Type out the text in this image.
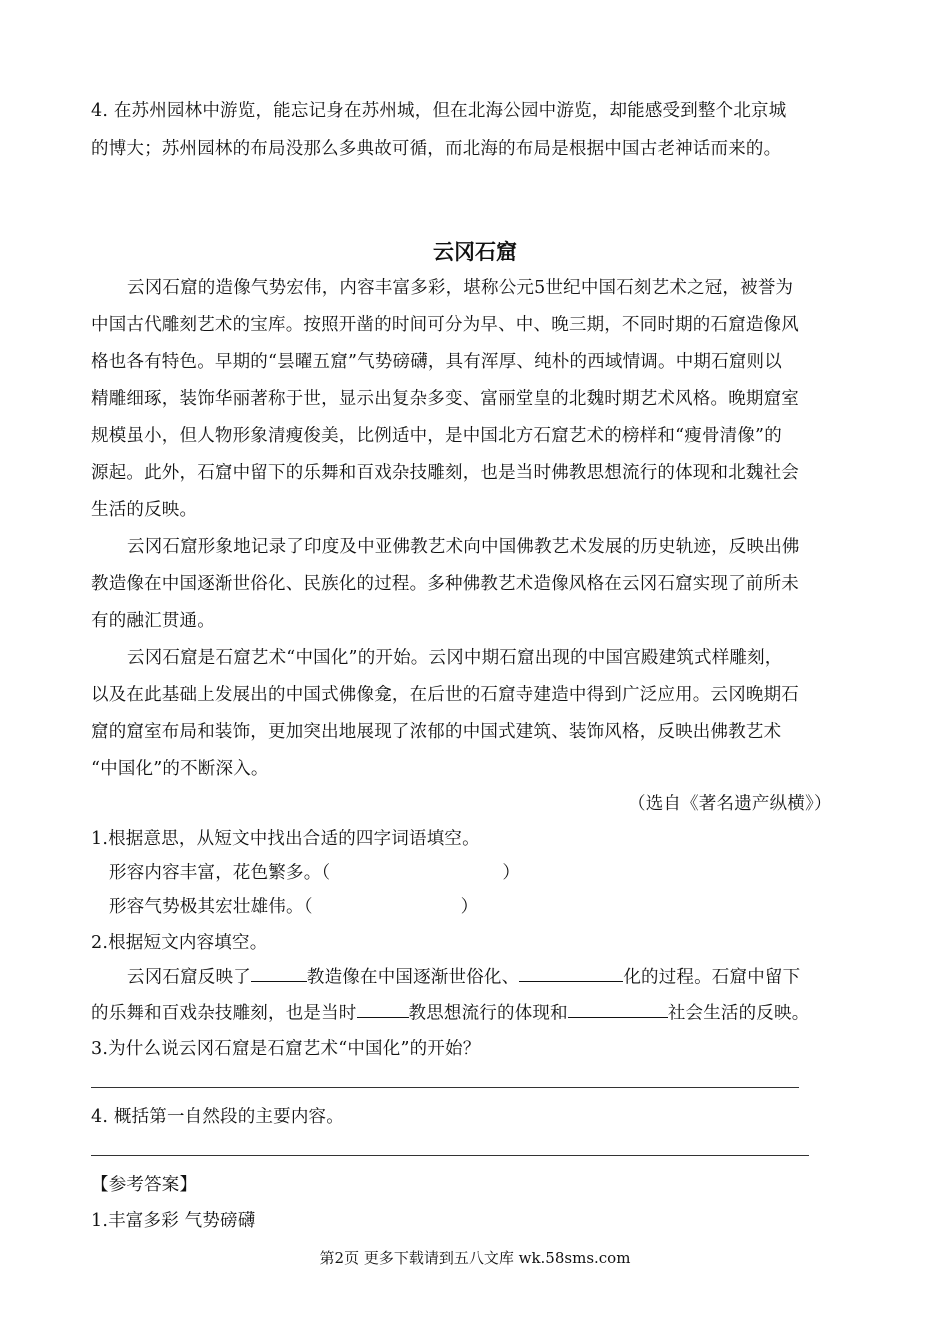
4. 在苏州园林中游览，能忘记身在苏州城，但在北海公园中游览，却能感受到整个北京城
的博大；苏州园林的布局没那么多典故可循，而北海的布局是根据中国古老神话而来的。
云冈石窟
云冈石窟的造像气势宏伟，内容丰富多彩，堪称公元5世纪中国石刻艺术之冠，被誉为
中国古代雕刻艺术的宝库。按照开凿的时间可分为早、中、晚三期，不同时期的石窟造像风
格也各有特色。早期的“昙曜五窟”气势磅礴，具有浑厚、纯朴的西域情调。中期石窟则以
精雕细琢，装饰华丽著称于世，显示出复杂多变、富丽堂皇的北魏时期艺术风格。晚期窟室
规模虽小，但人物形象清瘦俊美，比例适中，是中国北方石窟艺术的榜样和“瘦骨清像”的
源起。此外，石窟中留下的乐舞和百戏杂技雕刻，也是当时佛教思想流行的体现和北魏社会
生活的反映。
云冈石窟形象地记录了印度及中亚佛教艺术向中国佛教艺术发展的历史轨迹，反映出佛
教造像在中国逐渐世俗化、民族化的过程。多种佛教艺术造像风格在云冈石窟实现了前所未
有的融汇贯通。
云冈石窟是石窟艺术“中国化”的开始。云冈中期石窟出现的中国宫殿建筑式样雕刻，
以及在此基础上发展出的中国式佛像龛，在后世的石窟寺建造中得到广泛应用。云冈晚期石
窟的窟室布局和装饰，更加突出地展现了浓郁的中国式建筑、装饰风格，反映出佛教艺术
“中国化”的不断深入。
（选自《著名遗产纵横》）
1.根据意思，从短文中找出合适的四字词语填空。
形容内容丰富，花色繁多。（	）
形容气势极其宏壮雄伟。（	）
2.根据短文内容填空。
云冈石窟反映了	教造像在中国逐渐世俗化、	化的过程。石窟中留下
的乐舞和百戏杂技雕刻，也是当时	教思想流行的体现和	社会生活的反映。
3.为什么说云冈石窟是石窟艺术“中国化”的开始？
4. 概括第一自然段的主要内容。
【参考答案】
1.丰富多彩 气势磅礴
第2页 更多下载请到五八文库 wk.58sms.com
